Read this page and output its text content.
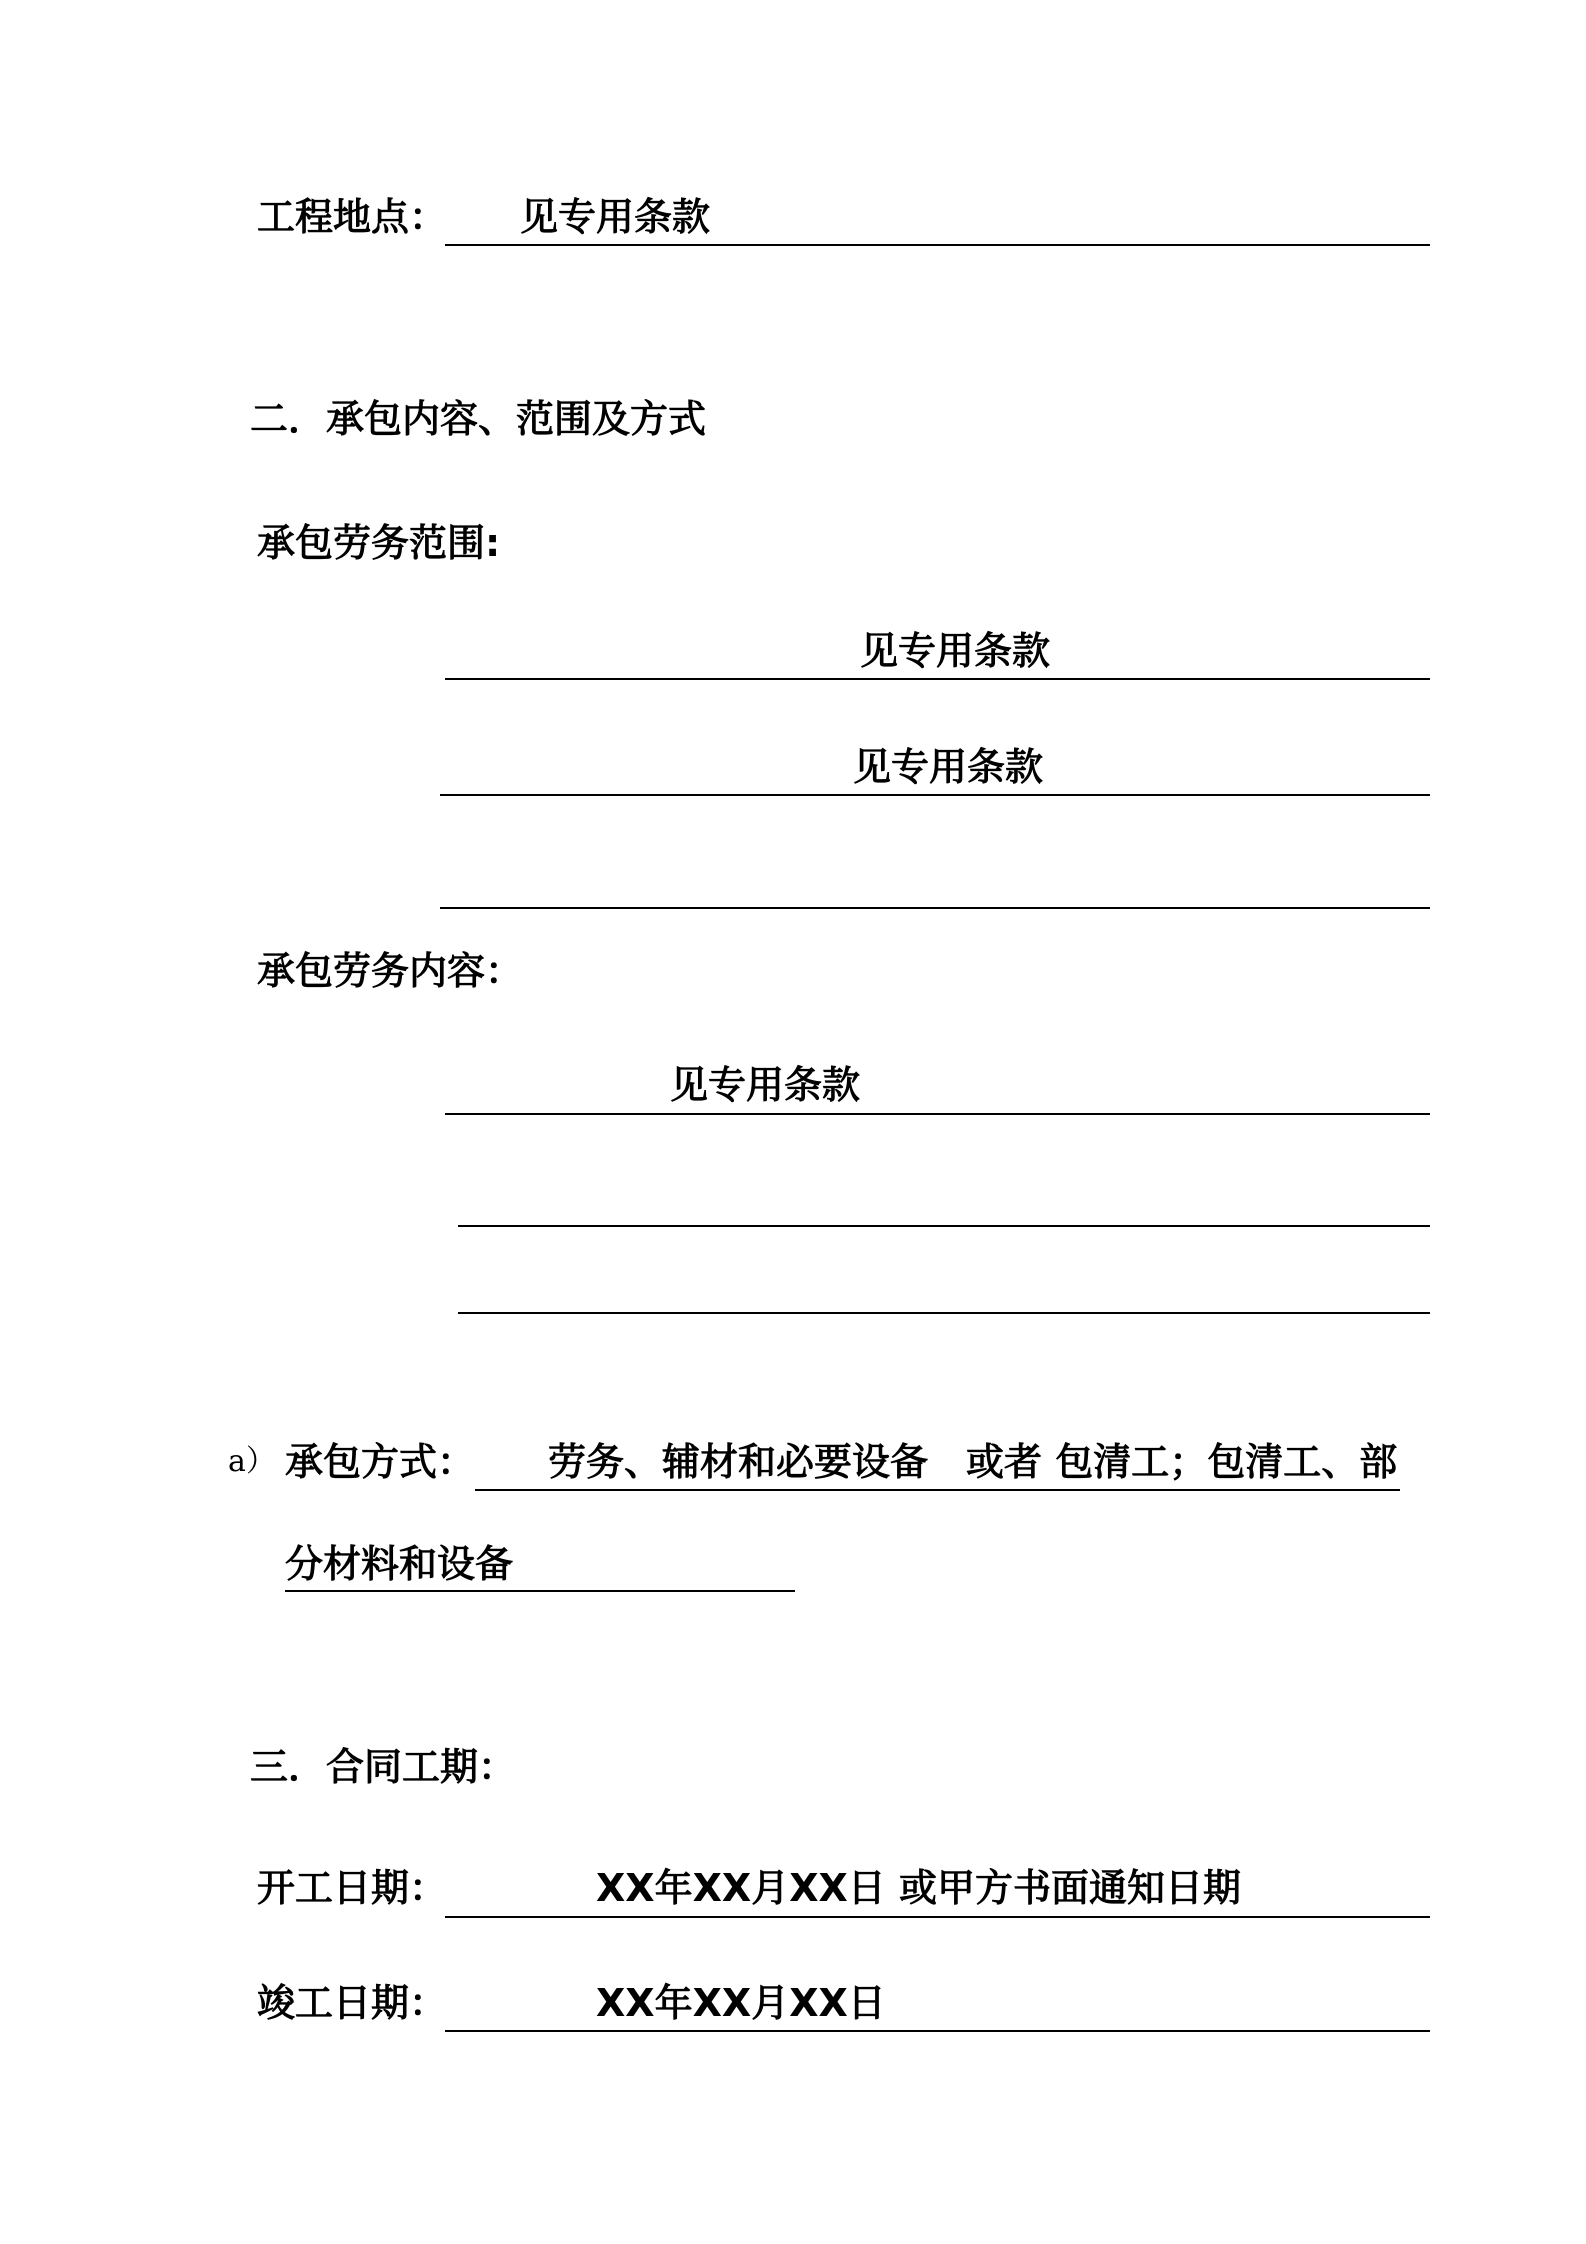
工程地点： 见专用条款
二．承包内容、范围及方式
承包劳务范围:
见专用条款
见专用条款
承包劳务内容：
见专用条款
a） 承包方式： 劳务、辅材和必要设备　或者 包清工；包清工、部
分材料和设备
三．合同工期：
开工日期：	XX年XX月XX日 或甲方书面通知日期
竣工日期：	XX年XX月XX日
